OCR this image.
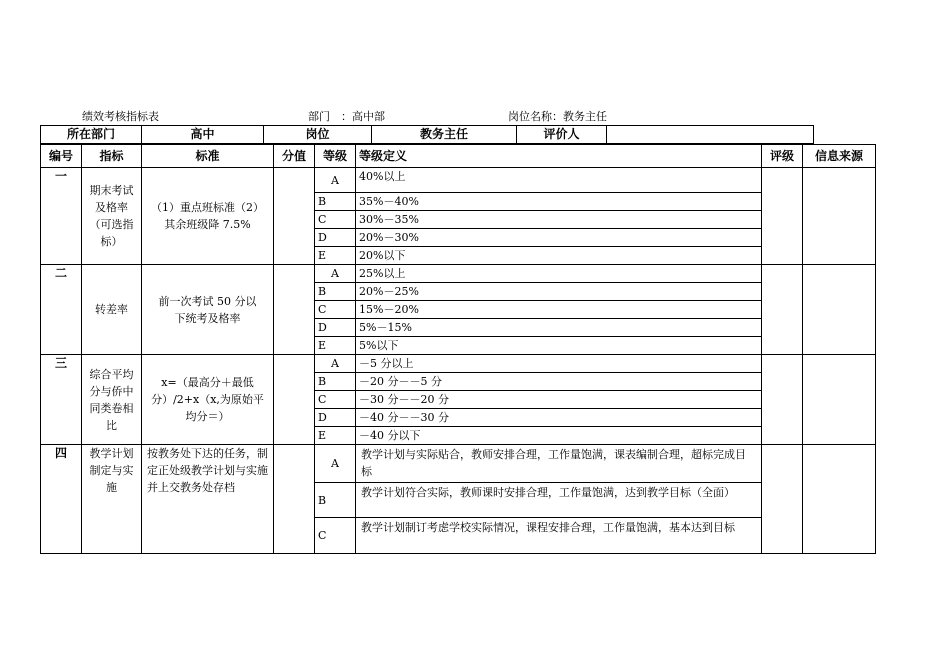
绩效考核指标表	部门　：高中部	岗位名称：教务主任
所在部门	高中	岗位	教务主任	评价人	
编号	指标	标准	分值	等级	等级定义	评级	信息来源
一	期末考试及格率（可选指标）	（1）重点班标准（2）其余班级降 7.5%		A	40%以上		
				B	35%－40%		
				C	30%－35%		
				D	20%－30%		
				E	20%以下		
二	转差率	前一次考试 50 分以下统考及格率		A	25%以上		
				B	20%－25%		
				C	15%－20%		
				D	5%－15%		
				E	5%以下		
三	综合平均分与侨中同类卷相比	x=（最高分＋最低分）/2+x（x,为原始平均分＝）		A	－5 分以上		
				B	－20 分－－5 分		
				C	－30 分－－20 分		
				D	－40 分－－30 分		
				E	－40 分以下		
四	教学计划制定与实施	按教务处下达的任务，制定正处级教学计划与实施并上交教务处存档		A	教学计划与实际贴合，教师安排合理，工作量饱满，课表编制合理，超标完成目标		
				B	教学计划符合实际，教师课时安排合理，工作量饱满，达到教学目标（全面）		
				C	教学计划制订考虑学校实际情况，课程安排合理，工作量饱满，基本达到目标		
